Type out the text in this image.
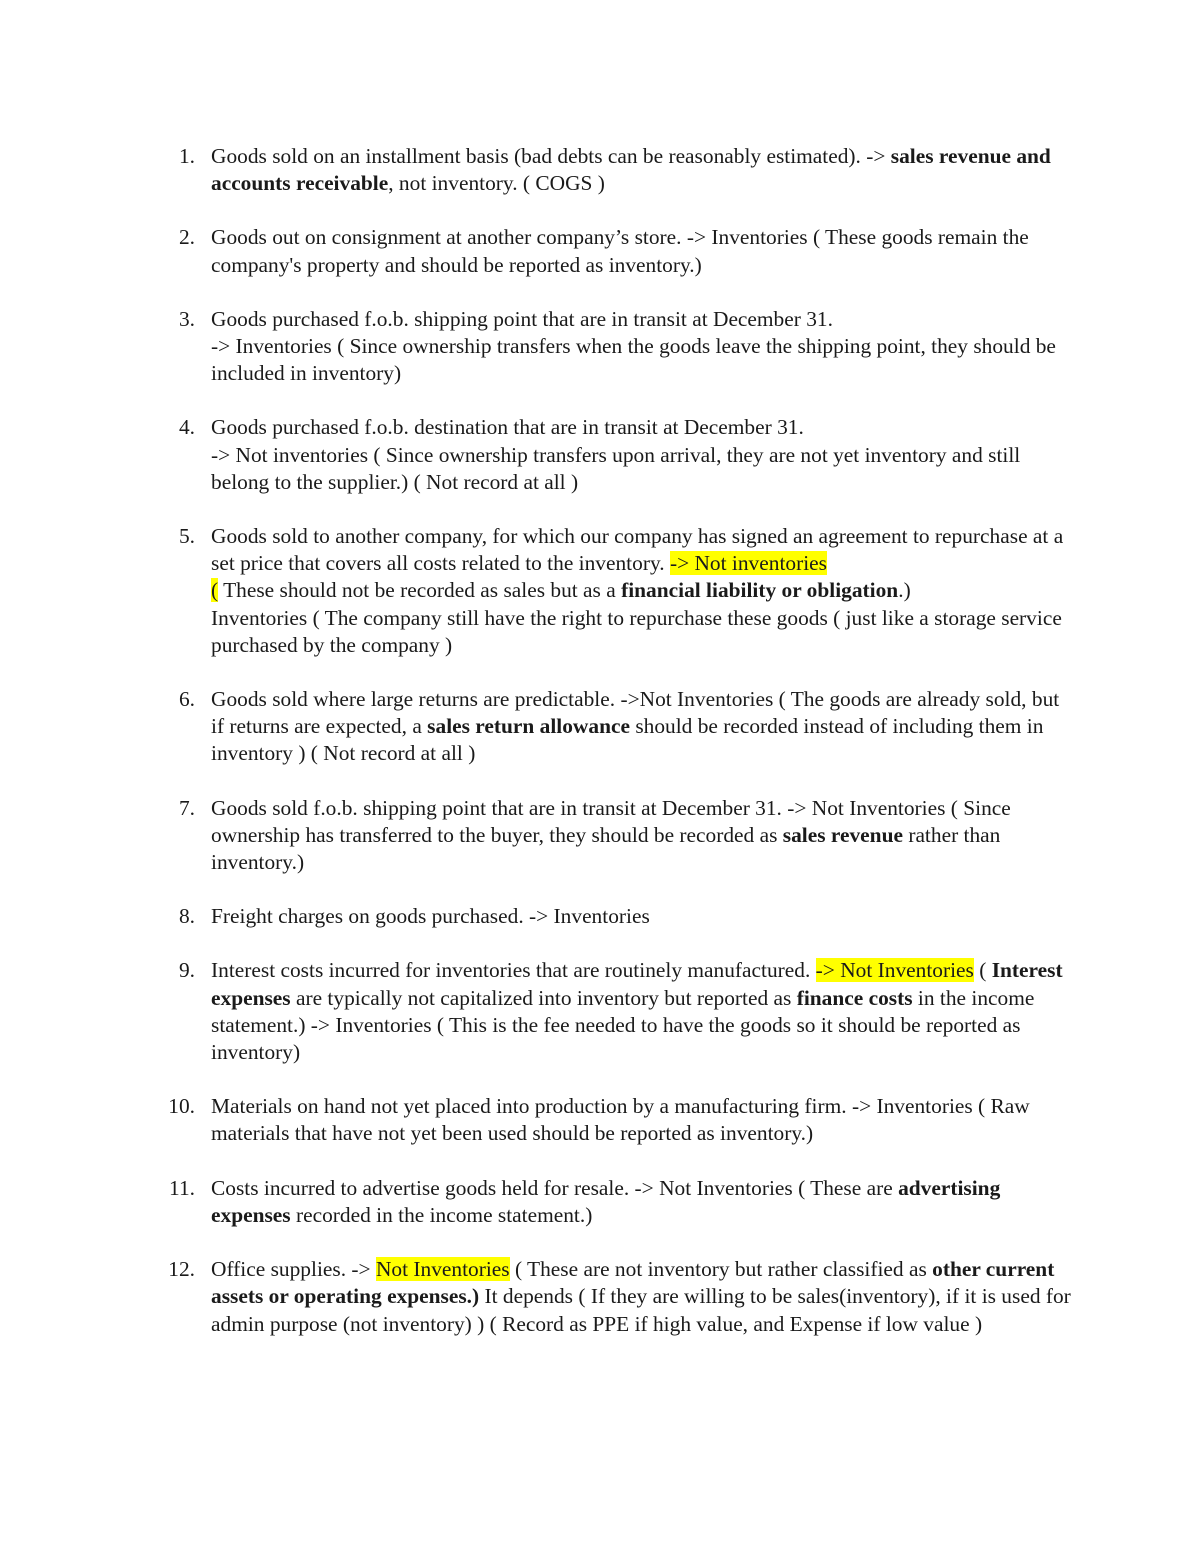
1. Goods sold on an installment basis (bad debts can be reasonably estimated). -> sales revenue and accounts receivable, not inventory. ( COGS )
2. Goods out on consignment at another company’s store. -> Inventories ( These goods remain the company's property and should be reported as inventory.)
3. Goods purchased f.o.b. shipping point that are in transit at December 31.
-> Inventories ( Since ownership transfers when the goods leave the shipping point, they should be included in inventory)
4. Goods purchased f.o.b. destination that are in transit at December 31.
-> Not inventories ( Since ownership transfers upon arrival, they are not yet inventory and still belong to the supplier.) ( Not record at all )
5. Goods sold to another company, for which our company has signed an agreement to repurchase at a set price that covers all costs related to the inventory. -> Not inventories
( These should not be recorded as sales but as a financial liability or obligation.)
Inventories ( The company still have the right to repurchase these goods ( just like a storage service purchased by the company )
6. Goods sold where large returns are predictable. ->Not Inventories ( The goods are already sold, but if returns are expected, a sales return allowance should be recorded instead of including them in inventory ) ( Not record at all )
7. Goods sold f.o.b. shipping point that are in transit at December 31. -> Not Inventories ( Since ownership has transferred to the buyer, they should be recorded as sales revenue rather than inventory.)
8. Freight charges on goods purchased. -> Inventories
9. Interest costs incurred for inventories that are routinely manufactured. -> Not Inventories ( Interest expenses are typically not capitalized into inventory but reported as finance costs in the income statement.) -> Inventories ( This is the fee needed to have the goods so it should be reported as inventory)
10. Materials on hand not yet placed into production by a manufacturing firm. -> Inventories ( Raw materials that have not yet been used should be reported as inventory.)
11. Costs incurred to advertise goods held for resale. -> Not Inventories ( These are advertising expenses recorded in the income statement.)
12. Office supplies. -> Not Inventories ( These are not inventory but rather classified as other current assets or operating expenses.) It depends ( If they are willing to be sales(inventory), if it is used for admin purpose (not inventory) ) ( Record as PPE if high value, and Expense if low value )
